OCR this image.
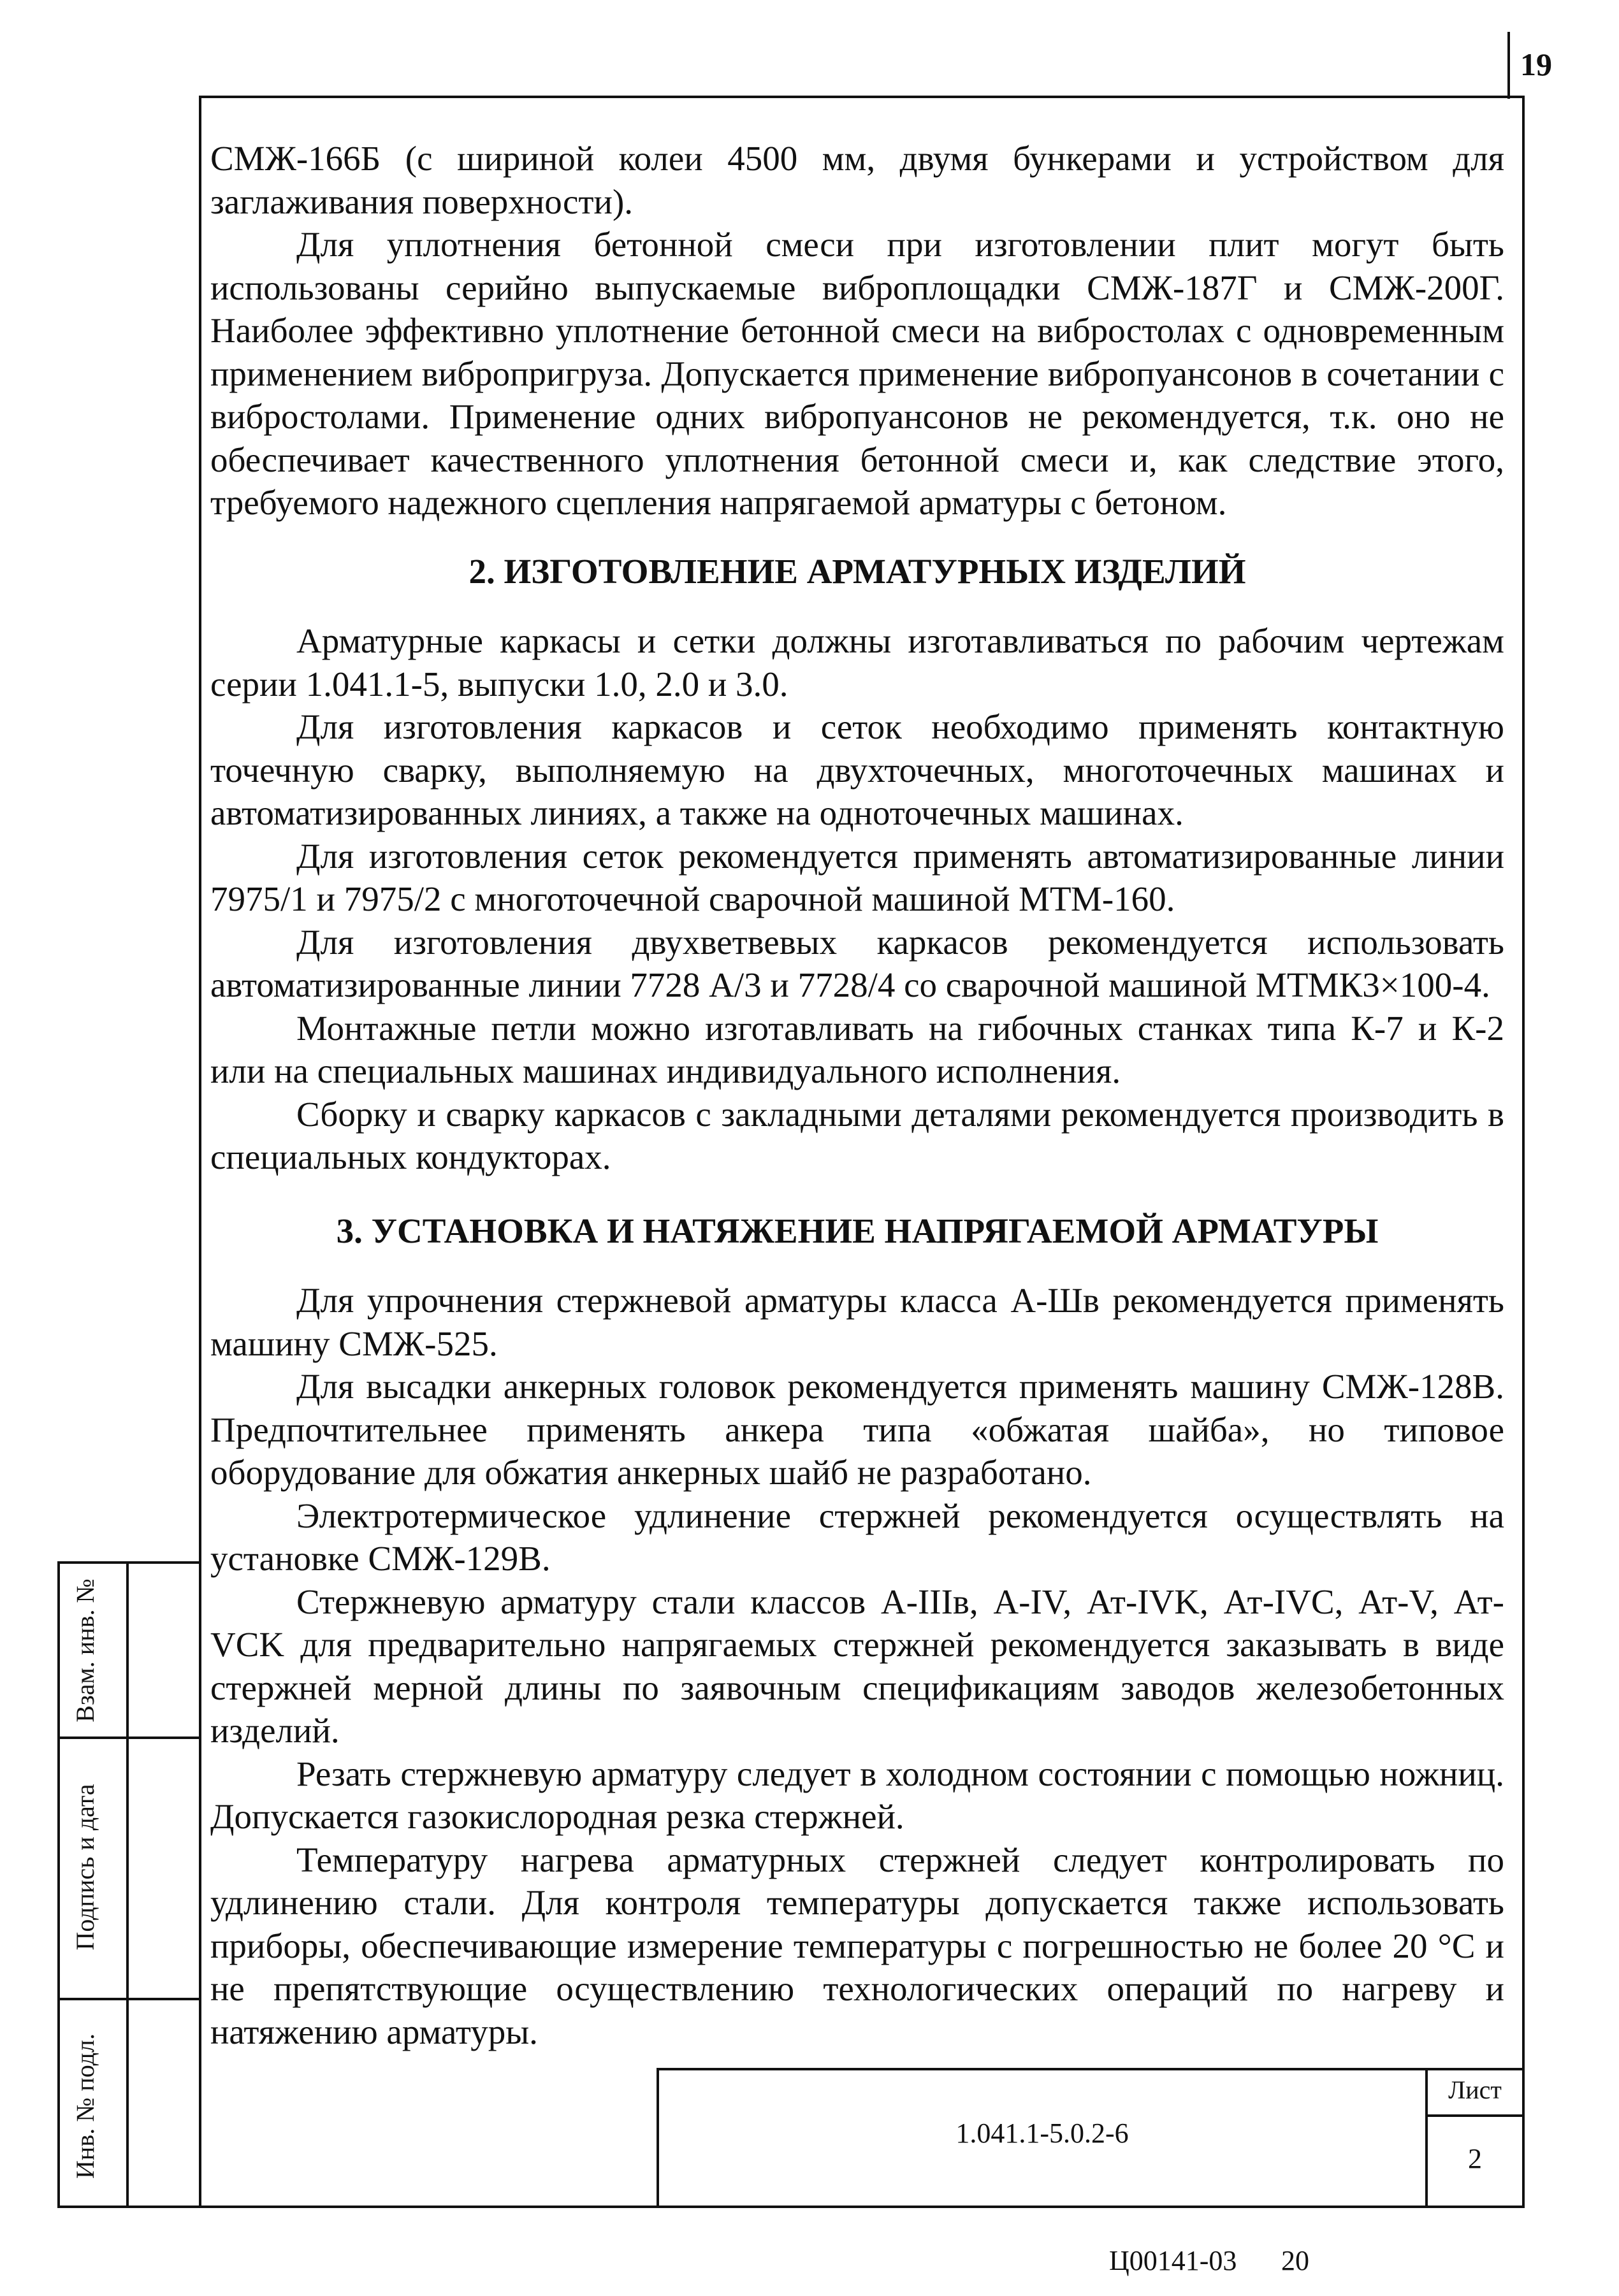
19
Взам. инв. №
Подпись и дата
Инв. № подл.

СМЖ-166Б (с шириной колеи 4500 мм, двумя бункерами и устройством для заглаживания поверхности).

Для уплотнения бетонной смеси при изготовлении плит могут быть использованы серийно выпускаемые виброплощадки СМЖ-187Г и СМЖ-200Г. Наиболее эффективно уплотнение бетонной смеси на вибростолах с одновременным применением вибропригруза. Допускается применение вибропуансонов в сочетании с вибростолами. Применение одних вибропуансонов не рекомендуется, т.к. оно не обеспечивает качественного уплотнения бетонной смеси и, как следствие этого, требуемого надежного сцепления напрягаемой арматуры с бетоном.

2. ИЗГОТОВЛЕНИЕ АРМАТУРНЫХ ИЗДЕЛИЙ

Арматурные каркасы и сетки должны изготавливаться по рабочим чертежам серии 1.041.1-5, выпуски 1.0, 2.0 и 3.0.

Для изготовления каркасов и сеток необходимо применять контактную точечную сварку, выполняемую на двухточечных, многоточечных машинах и автоматизированных линиях, а также на одноточечных машинах.

Для изготовления сеток рекомендуется применять автоматизированные линии 7975/1 и 7975/2 с многоточечной сварочной машиной МТМ-160.

Для изготовления двухветвевых каркасов рекомендуется использовать автоматизированные линии 7728 А/3 и 7728/4 со сварочной машиной МТМК3×100-4.

Монтажные петли можно изготавливать на гибочных станках типа К-7 и К-2 или на специальных машинах индивидуального исполнения.

Сборку и сварку каркасов с закладными деталями рекомендуется производить в специальных кондукторах.

3. УСТАНОВКА И НАТЯЖЕНИЕ НАПРЯГАЕМОЙ АРМАТУРЫ

Для упрочнения стержневой арматуры класса А-Шв рекомендуется применять машину СМЖ-525.

Для высадки анкерных головок рекомендуется применять машину СМЖ-128В. Предпочтительнее применять анкера типа «обжатая шайба», но типовое оборудование для обжатия анкерных шайб не разработано.

Электротермическое удлинение стержней рекомендуется осуществлять на установке СМЖ-129В.

Стержневую арматуру стали классов А-IIIв, А-IV, Ат-IVK, Ат-IVC, Ат-V, Ат-VCK для предварительно напрягаемых стержней рекомендуется заказывать в виде стержней мерной длины по заявочным спецификациям заводов железобетонных изделий.

Резать стержневую арматуру следует в холодном состоянии с помощью ножниц. Допускается газокислородная резка стержней.

Температуру нагрева арматурных стержней следует контролировать по удлинению стали. Для контроля температуры допускается также использовать приборы, обеспечивающие измерение температуры с погрешностью не более 20 °С и не препятствующие осуществлению технологических операций по нагреву и натяжению арматуры.

1.041.1-5.0.2-6
Лист
2
Ц00141-03 20
